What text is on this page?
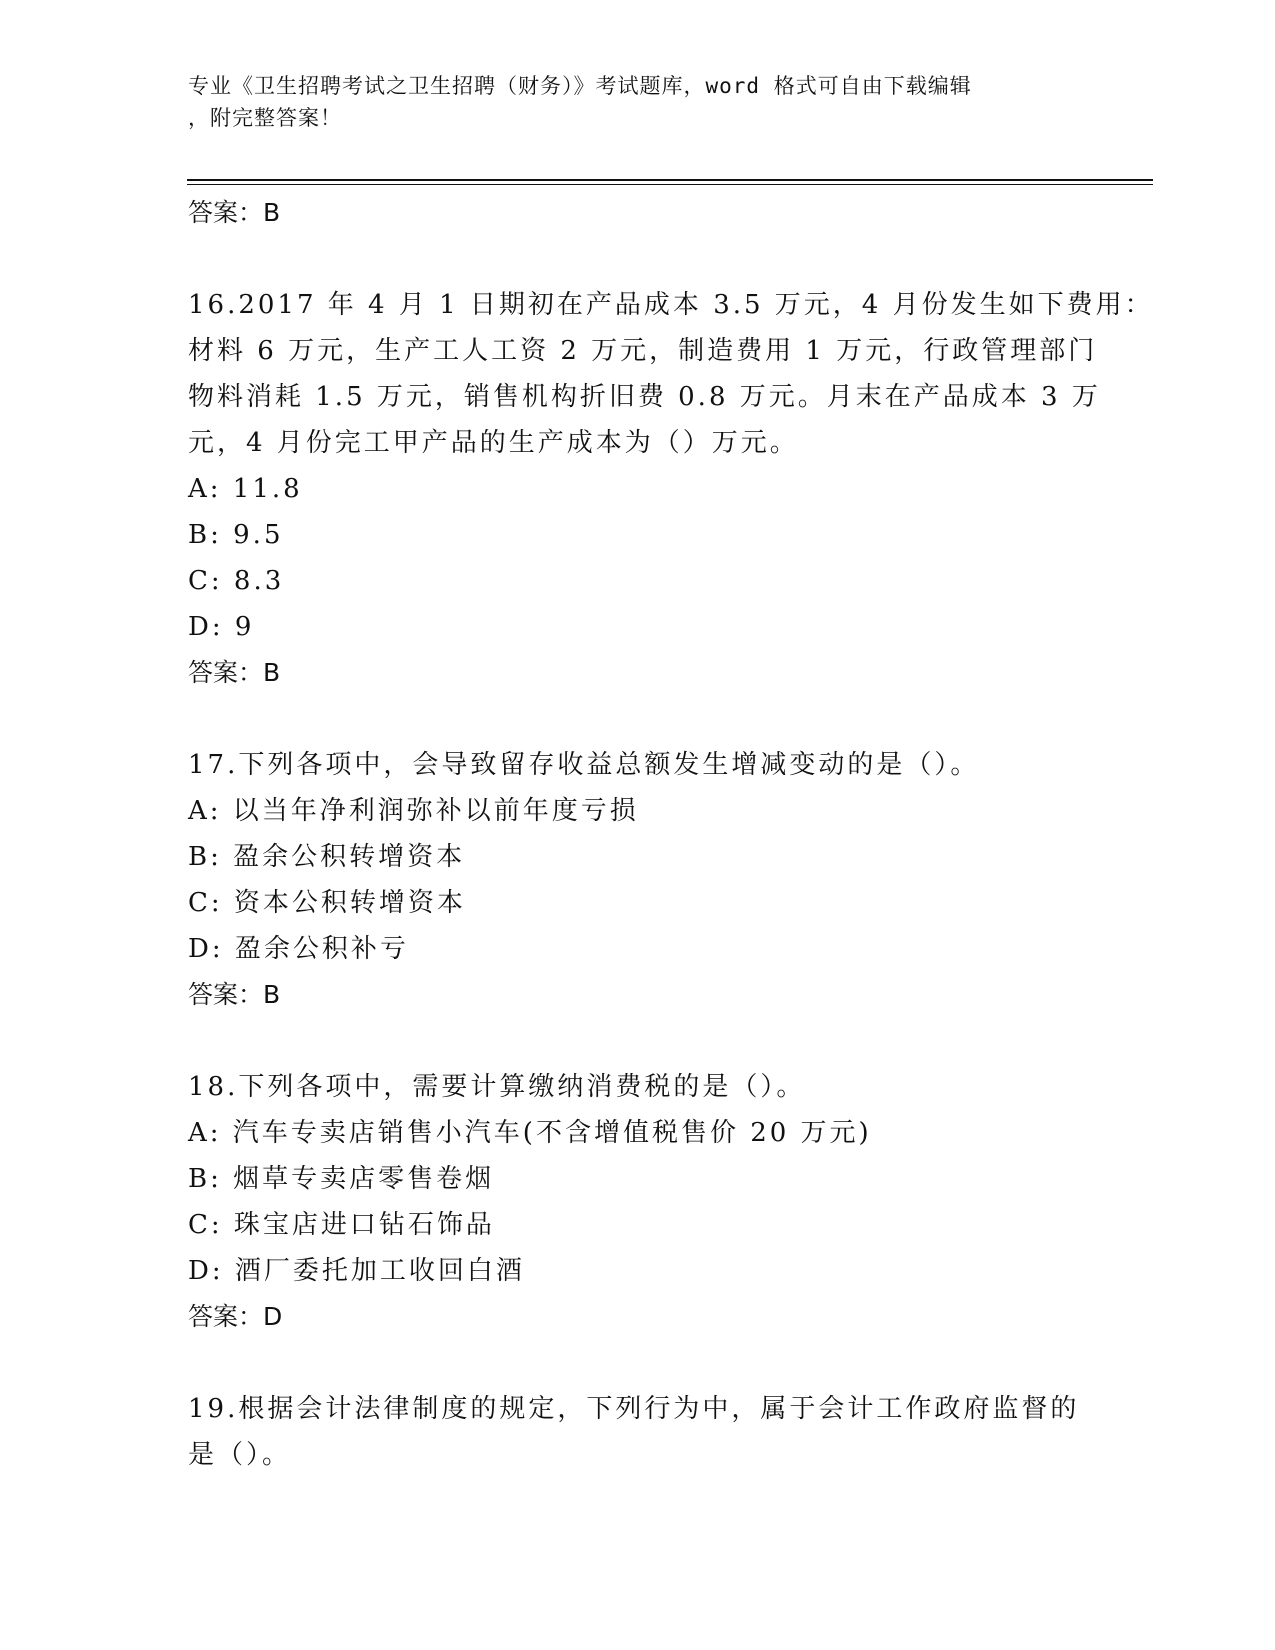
专业《卫生招聘考试之卫生招聘（财务）》考试题库，word 格式可自由下载编辑
，附完整答案！
答案：B
16.2017 年 4 月 1 日期初在产品成本 3.5 万元，4 月份发生如下费用：
材料 6 万元，生产工人工资 2 万元，制造费用 1 万元，行政管理部门
物料消耗 1.5 万元，销售机构折旧费 0.8 万元。月末在产品成本 3 万
元，4 月份完工甲产品的生产成本为（）万元。
A: 11.8
B: 9.5
C: 8.3
D: 9
答案：B
17.下列各项中，会导致留存收益总额发生增减变动的是（）。
A: 以当年净利润弥补以前年度亏损
B: 盈余公积转增资本
C: 资本公积转增资本
D: 盈余公积补亏
答案：B
18.下列各项中，需要计算缴纳消费税的是（）。
A: 汽车专卖店销售小汽车(不含增值税售价 20 万元)
B: 烟草专卖店零售卷烟
C: 珠宝店进口钻石饰品
D: 酒厂委托加工收回白酒
答案：D
19.根据会计法律制度的规定，下列行为中，属于会计工作政府监督的
是（）。
